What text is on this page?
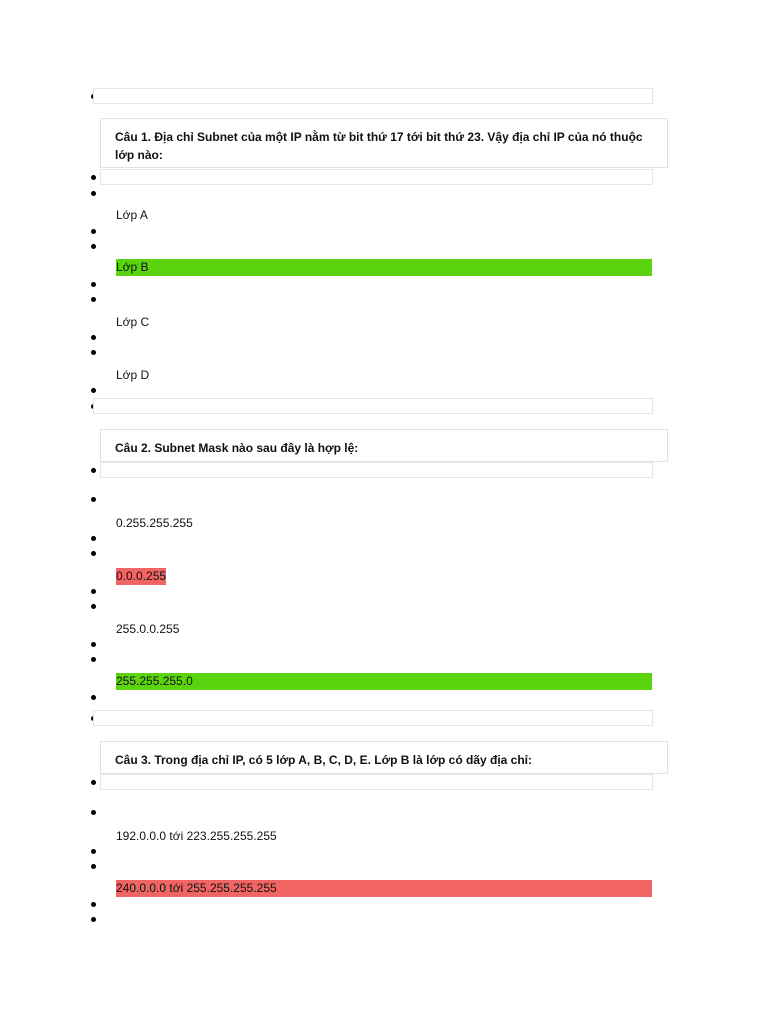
Câu 1. Địa chỉ Subnet của một IP nằm từ bit thứ 17 tới bit thứ 23. Vậy địa chỉ IP của nó thuộc lớp nào:
Lớp A
Lớp B
Lớp C
Lớp D
Câu 2. Subnet Mask nào sau đây là hợp lệ:
0.255.255.255
0.0.0.255
255.0.0.255
255.255.255.0
Câu 3. Trong địa chỉ IP, có 5 lớp A, B, C, D, E. Lớp B là lớp có dãy địa chỉ:
192.0.0.0 tới 223.255.255.255
240.0.0.0 tới 255.255.255.255
